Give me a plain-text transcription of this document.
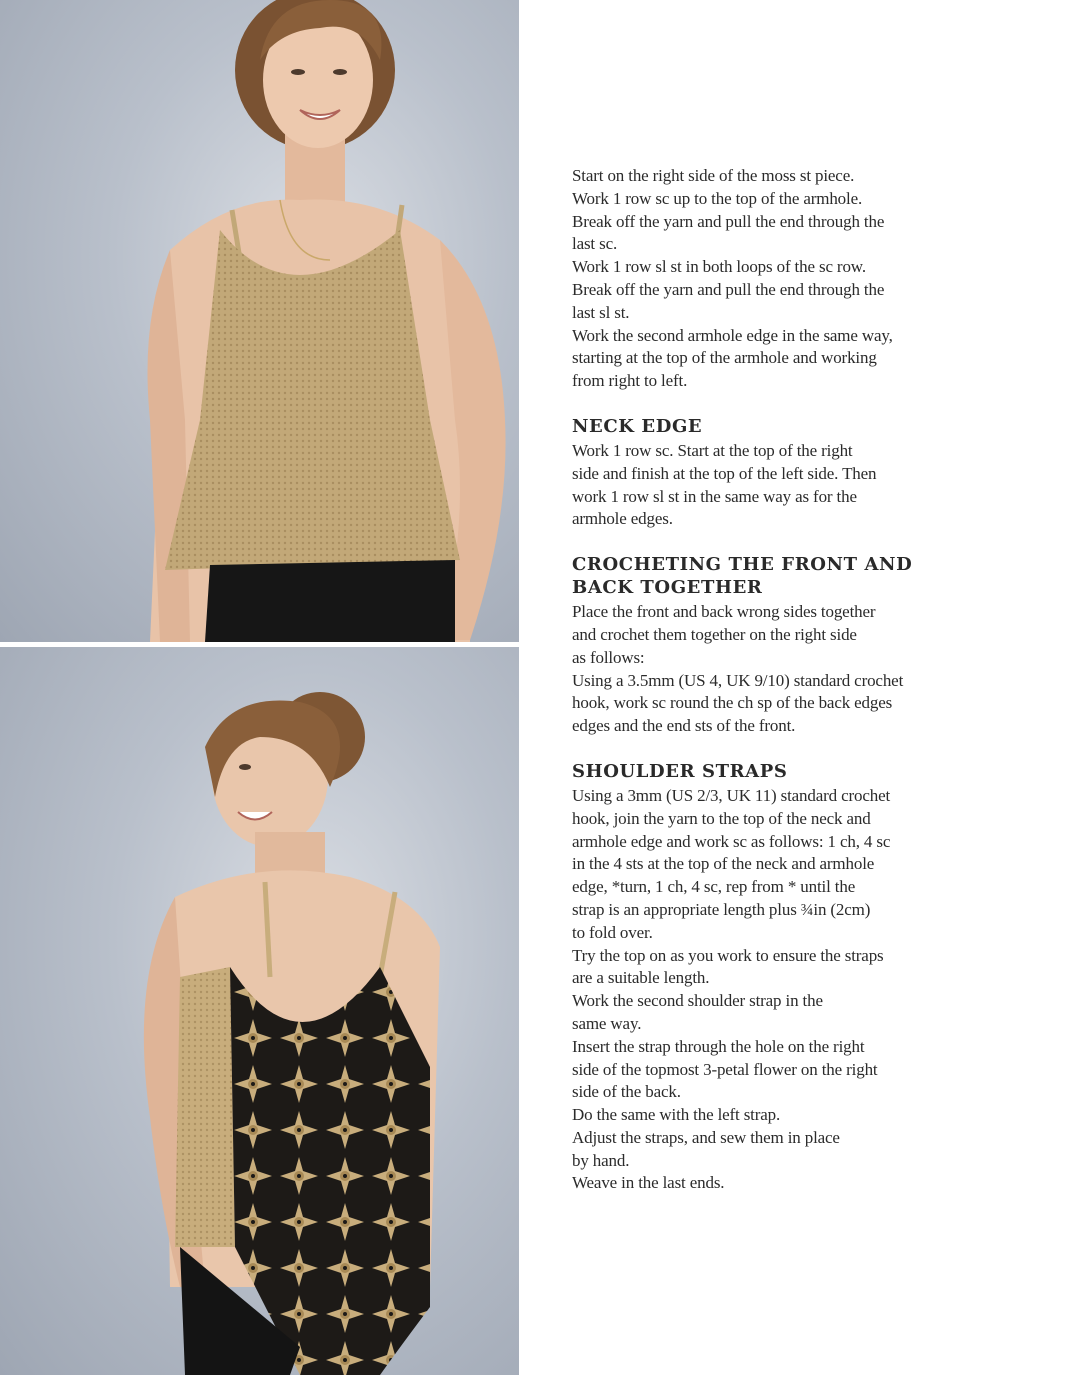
Start on the right side of the moss st piece.
Work 1 row sc up to the top of the armhole.
Break off the yarn and pull the end through the
last sc.
Work 1 row sl st in both loops of the sc row.
Break off the yarn and pull the end through the
last sl st.
Work the second armhole edge in the same way,
starting at the top of the armhole and working
from right to left.

NECK EDGE

Work 1 row sc. Start at the top of the right
side and finish at the top of the left side. Then
work 1 row sl st in the same way as for the
armhole edges.

CROCHETING THE FRONT AND
BACK TOGETHER

Place the front and back wrong sides together
and crochet them together on the right side
as follows:
Using a 3.5mm (US 4, UK 9/10) standard crochet
hook, work sc round the ch sp of the back edges
edges and the end sts of the front.

SHOULDER STRAPS

Using a 3mm (US 2/3, UK 11) standard crochet
hook, join the yarn to the top of the neck and
armhole edge and work sc as follows: 1 ch, 4 sc
in the 4 sts at the top of the neck and armhole
edge, *turn, 1 ch, 4 sc, rep from * until the
strap is an appropriate length plus ¾in (2cm)
to fold over.
Try the top on as you work to ensure the straps
are a suitable length.
Work the second shoulder strap in the
same way.
Insert the strap through the hole on the right
side of the topmost 3-petal flower on the right
side of the back.
Do the same with the left strap.
Adjust the straps, and sew them in place
by hand.
Weave in the last ends.
